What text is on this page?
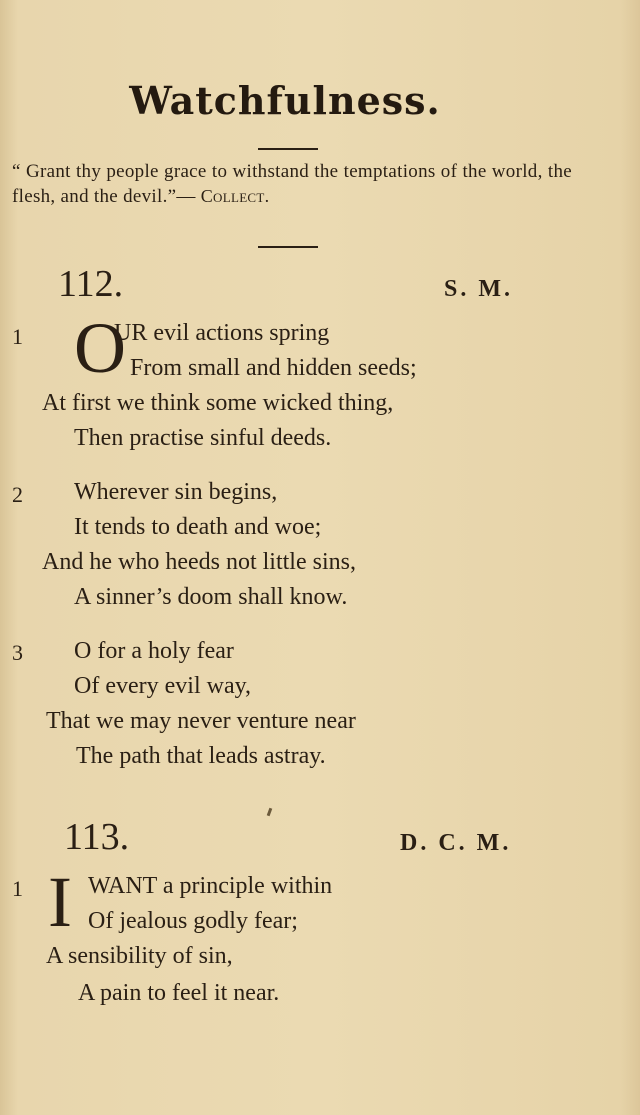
Watchfulness.
“ Grant thy people grace to withstand the temptations of the world, the flesh, and the devil.”— Collect.
112.	S. M.
1 O
UR evil actions spring
From small and hidden seeds;
At first we think some wicked thing,
Then practise sinful deeds.
2 Wherever sin begins,
It tends to death and woe;
And he who heeds not little sins,
A sinner’s doom shall know.
3 O for a holy fear
Of every evil way,
That we may never venture near
The path that leads astray.
113.	D. C. M.
1 I WANT a principle within
Of jealous godly fear;
A sensibility of sin,
A pain to feel it near.
